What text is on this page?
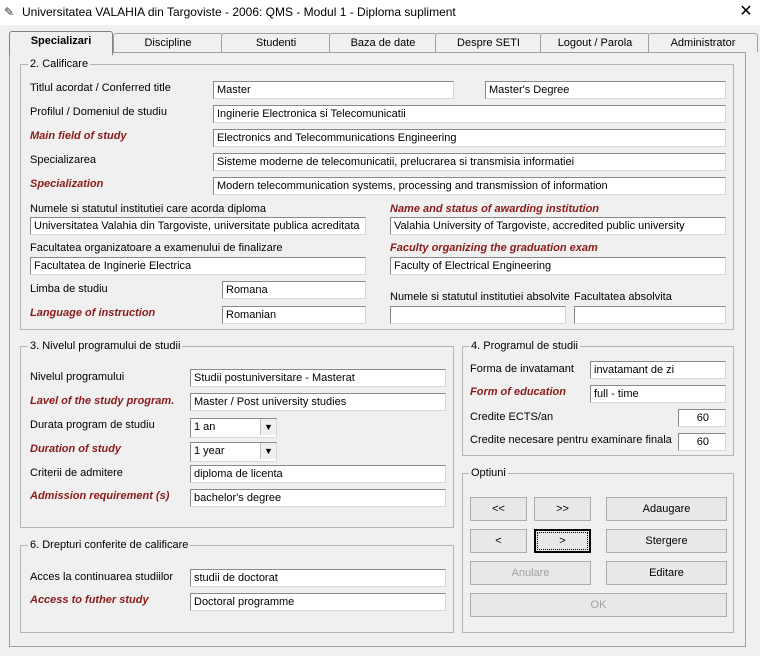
✎ Universitatea VALAHIA din Targoviste - 2006: QMS - Modul 1 - Diploma supliment	✕
Specializari	Discipline	Studenti	Baza de date	Despre SETI	Logout / Parola	Administrator
2. Calificare
Titlul acordat / Conferred title	Master	Master's Degree
Profilul / Domeniul de studiu	Inginerie Electronica si Telecomunicatii
Main field of study	Electronics and Telecommunications Engineering
Specializarea	Sisteme moderne de telecomunicatii, prelucrarea si transmisia informatiei
Specialization	Modern telecommunication systems, processing and transmission of information
Numele si statutul institutiei care acorda diploma
Universitatea Valahia din Targoviste, universitate publica acreditata
Name and status of awarding institution
Valahia University of Targoviste, accredited public university
Facultatea organizatoare a examenului de finalizare
Facultatea de Inginerie Electrica
Faculty organizing the graduation exam
Faculty of Electrical Engineering
Limba de studiu	Romana
Language of instruction	Romanian
Numele si statutul institutiei absolvite Facultatea absolvita
3. Nivelul programului de studii
Nivelul programului	Studii postuniversitare - Masterat
Lavel of the study program.	Master / Post university studies
Durata program de studiu	1 an	▼
Duration of study	1 year	▼
Criterii de admitere	diploma de licenta
Admission requirement (s)	bachelor's degree
4. Programul de studii
Forma de invatamant	invatamant de zi
Form of education	full - time
Credite ECTS/an	60
Credite necesare pentru examinare finala	60
6. Drepturi conferite de calificare
Acces la continuarea studiilor	studii de doctorat
Access to futher study	Doctoral programme
Optiuni
<<	>>	Adaugare
<	>	Stergere
Anulare	Editare
OK
